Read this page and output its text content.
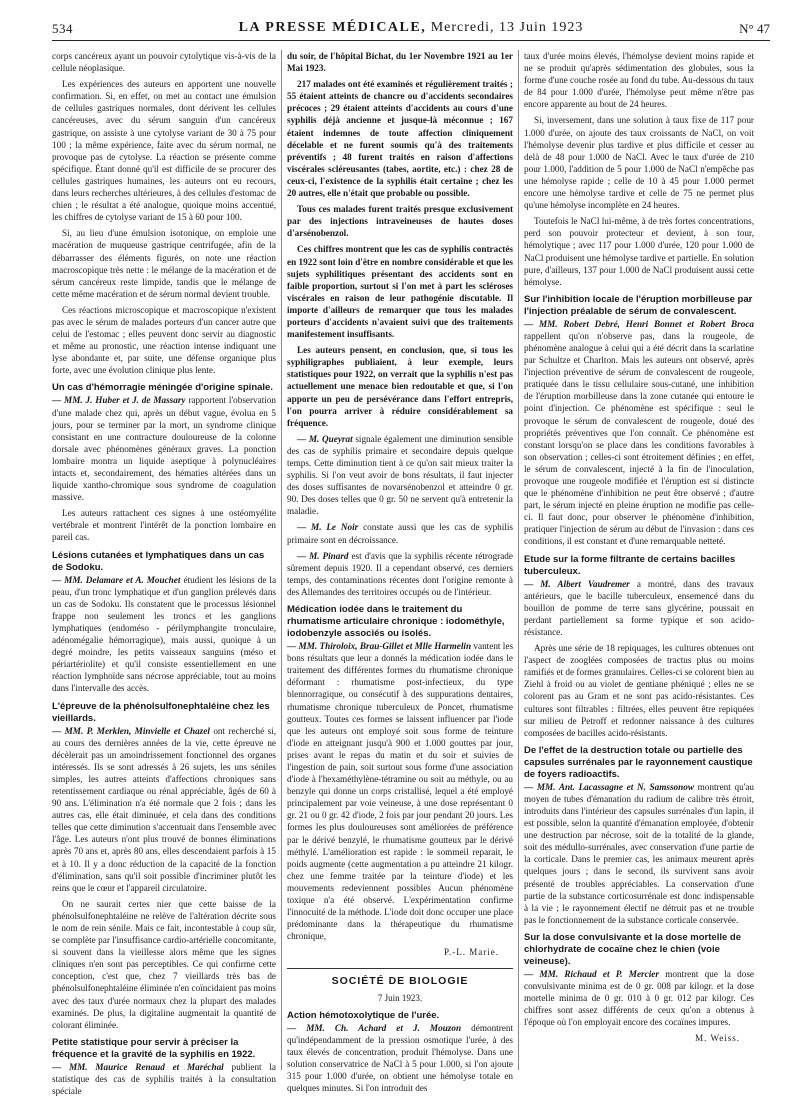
534	LA PRESSE MÉDICALE, Mercredi, 13 Juin 1923	N° 47

corps cancéreux ayant un pouvoir cytolytique vis-à-vis de la cellule néoplasique.

Les expériences des auteurs en apportent une nouvelle confirmation. Si, en effet, on met au contact une émulsion de cellules gastriques normales, dont dérivent les cellules cancéreuses, avec du sérum sanguin d'un cancéreux gastrique, on assiste à une cytolyse variant de 30 à 75 pour 100 ; la même expérience, faite avec du sérum normal, ne provoque pas de cytolyse. La réaction se présente comme spécifique. Étant donné qu'il est difficile de se procurer des cellules gastriques humaines, les auteurs ont eu recours, dans leurs recherches ultérieures, à des cellules d'estomac de chien ; le résultat a été analogue, quoique moins accentué, les chiffres de cytolyse variant de 15 à 60 pour 100.

Si, au lieu d'une émulsion isotonique, on emploie une macération de muqueuse gastrique centrifugée, afin de la débarrasser des éléments figurés, on note une réaction macroscopique très nette : le mélange de la macération et de sérum cancéreux reste limpide, tandis que le mélange de cette même macération et de sérum normal devient trouble.

Ces réactions microscopique et macroscopique n'existent pas avec le sérum de malades porteurs d'un cancer autre que celui de l'estomac ; elles peuvent donc servir au diagnostic et même au pronostic, une réaction intense indiquant une lyse abondante et, par suite, une défense organique plus forte, avec une évolution clinique plus lente.

Un cas d'hémorragie méningée d'origine spinale.

— MM. J. Huber et J. de Massary rapportent l'observation d'une malade chez qui, après un début vague, évolua en 5 jours, pour se terminer par la mort, un syndrome clinique consistant en une contracture douloureuse de la colonne dorsale avec phénomènes généraux graves. La ponction lombaire montra un liquide aseptique à polynucléaires intacts et, secondairement, des hématies altérées dans un liquide xantho-chromique sous syndrome de coagulation massive.

Les auteurs rattachent ces signes à une ostéomyélite vertébrale et montrent l'intérêt de la ponction lombaire en pareil cas.

Lésions cutanées et lymphatiques dans un cas de Sodoku.

— MM. Delamare et A. Mouchet étudient les lésions de la peau, d'un tronc lymphatique et d'un ganglion prélevés dans un cas de Sodoku. Ils constatent que le processus lésionnel frappe non seulement les troncs et les ganglions lymphatiques (endoméso - périlymphangite tronculaire, adénomégalie hémorragique), mais aussi, quoique à un degré moindre, les petits vaisseaux sanguins (méso et périartériolite) et qu'il consiste essentiellement en une réaction lymphoïde sans nécrose appréciable, tout au moins dans l'intervalle des accès.

L'épreuve de la phénolsulfonephtaléine chez les vieillards.

— MM. P. Merklen, Minvielle et Chazel ont recherché si, au cours des dernières années de la vie, cette épreuve ne décèlerait pas un amoindrissement fonctionnel des organes intéressés. Ils se sont adressés à 26 sujets, les uns séniles simples, les autres atteints d'affections chroniques sans retentissement cardiaque ou rénal appréciable, âgés de 60 à 90 ans. L'élimination n'a été normale que 2 fois ; dans les autres cas, elle était diminuée, et cela dans des conditions telles que cette diminution s'accentuait dans l'ensemble avec l'âge. Les auteurs n'ont plus trouvé de bonnes éliminations après 70 ans et, après 80 ans, elles descendaient parfois à 15 et à 10. Il y a donc réduction de la capacité de la fonction d'élimination, sans qu'il soit possible d'incriminer plutôt les reins que le cœur et l'appareil circulatoire.

On ne saurait certes nier que cette baisse de la phénolsulfonephtaléine ne relève de l'altération décrite sous le nom de rein sénile. Mais ce fait, incontestable à coup sûr, se complète par l'insuffisance cardio-artérielle concomitante, si souvent dans la vieillesse alors même que les signes cliniques n'en sont pas perceptibles. Ce qui confirme cette conception, c'est que, chez 7 vieillards très bas de phénolsulfonephtaléine éliminée n'en coïncidaient pas moins avec des taux d'urée normaux chez la plupart des malades examinés. De plus, la digitaline augmentait la quantité de colorant éliminée.

Petite statistique pour servir à préciser la fréquence et la gravité de la syphilis en 1922.

— MM. Maurice Renaud et Maréchal publient la statistique des cas de syphilis traités à la consultation spéciale

du soir, de l'hôpital Bichat, du 1er Novembre 1921 au 1er Mai 1923.

217 malades ont été examinés et régulièrement traités ; 55 étaient atteints de chancre ou d'accidents secondaires précoces ; 29 étaient atteints d'accidents au cours d'une syphilis déjà ancienne et jusque-là méconnue ; 167 étaient indemnes de toute affection cliniquement décelable et ne furent soumis qu'à des traitements préventifs ; 48 furent traités en raison d'affections viscérales scléreusantes (tabes, aortite, etc.) : chez 28 de ceux-ci, l'existence de la syphilis était certaine ; chez les 20 autres, elle n'était que probable ou possible.

Tous ces malades furent traités presque exclusivement par des injections intraveineuses de hautes doses d'arsénobenzol.

Ces chiffres montrent que les cas de syphilis contractés en 1922 sont loin d'être en nombre considérable et que les sujets syphilitiques présentant des accidents sont en faible proportion, surtout si l'on met à part les scléroses viscérales en raison de leur pathogénie discutable. Il importe d'ailleurs de remarquer que tous les malades porteurs d'accidents n'avaient suivi que des traitements manifestement insuffisants.

Les auteurs pensent, en conclusion, que, si tous les syphiligraphes publiaient, à leur exemple, leurs statistiques pour 1922, on verrait que la syphilis n'est pas actuellement une menace bien redoutable et que, si l'on apporte un peu de persévérance dans l'effort entrepris, l'on pourra arriver à réduire considérablement sa fréquence.

— M. Queyrat signale également une diminution sensible des cas de syphilis primaire et secondaire depuis quelque temps. Cette diminution tient à ce qu'on sait mieux traiter la syphilis. Si l'on veut avoir de bons résultats, il faut injecter des doses suffisantes de novarsénobenzol et atteindre 0 gr. 90. Des doses telles que 0 gr. 50 ne servent qu'à entretenir la maladie.

— M. Le Noir constate aussi que les cas de syphilis primaire sont en décroissance.

— M. Pinard est d'avis que la syphilis récente rétrograde sûrement depuis 1920. Il a cependant observé, ces derniers temps, des contaminations récentes dont l'origine remonte à des Allemandes des territoires occupés ou de l'intérieur.

Médication iodée dans le traitement du rhumatisme articulaire chronique : iodométhyle, iodobenzyle associés ou isolés.

— MM. Thiroloix, Brau-Gillet et Mlle Harmelin vantent les bons résultats que leur a donnés la médication iodée dans le traitement des différentes formes du rhumatisme chronique déformant : rhumatisme post-infectieux, du type blennorragique, ou consécutif à des suppurations dentaires, rhumatisme chronique tuberculeux de Poncet, rhumatisme goutteux. Toutes ces formes se laissent influencer par l'iode que les auteurs ont employé soit sous forme de teinture d'iode en atteignant jusqu'à 900 et 1.000 gouttes par jour, prises avant le repas du matin et du soir et suivies de l'ingestion de pain, soit surtout sous forme d'une association d'iode à l'hexaméthylène-tétramine ou soit au méthyle, ou au benzyle qui donne un corps cristallisé, lequel a été employé principalement par voie veineuse, à une dose représentant 0 gr. 21 ou 0 gr. 42 d'iode, 2 fois par jour pendant 20 jours. Les formes les plus douloureuses sont améliorées de préférence par le dérivé benzylé, le rhumatisme goutteux par le dérivé méthylé. L'amélioration est rapide : le sommeil reparait, le poids augmente (cette augmentation a pu atteindre 21 kilogr. chez une femme traitée par la teinture d'iode) et les mouvements redeviennent possibles Aucun phénomène toxique n'a été observé. L'expérimentation confirme l'innocuité de la méthode. L'iode doit donc occuper une place prédominante dans la thérapeutique du rhumatisme chronique,

P.-L. Marie.
SOCIÉTÉ DE BIOLOGIE
7 Juin 1923.
Action hémotoxolytique de l'urée.

— MM. Ch. Achard et J. Mouzon démontrent qu'indépendamment de la pression osmotique l'urée, à des taux élevés de concentration, produit l'hémolyse. Dans une solution conservatrice de NaCl à 5 pour 1.000, si l'on ajoute 315 pour 1.000 d'urée, on obtient une hémolyse totale en quelques minutes. Si l'on introduit des

taux d'urée moins élevés, l'hémolyse devient moins rapide et ne se produit qu'après sédimentation des globules, sous la forme d'une couche rosée au fond du tube. Au-dessous du taux de 84 pour 1.000 d'urée, l'hémolyse peut même n'être pas encore apparente au bout de 24 heures.

Si, inversement, dans une solution à taux fixe de 117 pour 1.000 d'urée, on ajoute des taux croissants de NaCl, on voit l'hémolyse devenir plus tardive et plus difficile et cesser au delà de 48 pour 1.000 de NaCl. Avec le taux d'urée de 210 pour 1.000, l'addition de 5 pour 1.000 de NaCl n'empêche pas une hémolyse rapide ; celle de 10 à 45 pour 1.000 permet encore une hémolyse tardive et celle de 75 ne permet plus qu'une hémolyse incomplète en 24 heures.

Toutefois le NaCl lui-même, à de très fortes concentrations, perd son pouvoir protecteur et devient, à son tour, hémolytique ; avec 117 pour 1.000 d'urée, 120 pour 1.000 de NaCl produisent une hémolyse tardive et partielle. En solution pure, d'ailleurs, 137 pour 1.000 de NaCl produisent aussi cette hémolyse.

Sur l'inhibition locale de l'éruption morbilleuse par l'injection préalable de sérum de convalescent.

— MM. Robert Debré, Henri Bonnet et Robert Broca rappellent qu'on n'observe pas, dans la rougeole, de phénomène analogue à celui qui a été décrit dans la scarlatine par Schultze et Charlton. Mais les auteurs ont observé, après l'injection préventive de sérum de convalescent de rougeole, pratiquée dans le tissu cellulaire sous-cutané, une inhibition de l'éruption morbilleuse dans la zone cutanée qui entoure le point d'injection. Ce phénomène est spécifique : seul le provoque le sérum de convalescent de rougeole, doué des propriétés préventives que l'on connaît. Ce phénomène est constant lorsqu'on se place dans les conditions favorables à son observation ; celles-ci sont étroitement définies ; en effet, le sérum de convalescent, injecté à la fin de l'inoculation, provoque une rougeole modifiée et l'éruption est si distincte que le phénomène d'inhibition ne peut être observé ; d'autre part, le sérum injecté en pleine éruption ne modifie pas celle-ci. Il faut donc, pour observer le phénomène d'inhibition, pratiquer l'injection de sérum au début de l'invasion : dans ces conditions, il est constant et d'une remarquable netteté.

Etude sur la forme filtrante de certains bacilles tuberculeux.

— M. Albert Vaudremer a montré, dans des travaux antérieurs, que le bacille tuberculeux, ensemencé dans du bouillon de pomme de terre sans glycérine, poussait en perdant partiellement sa forme typique et son acido-résistance.

Après une série de 18 repiquages, les cultures obtenues ont l'aspect de zooglées composées de tractus plus ou moins ramifiés et de formes granulaires. Celles-ci se colorent bien au Ziehl à froid ou au violet de gentiane phéniqué ; elles ne se colorent pas au Gram et ne sont pas acido-résistantes. Ces cultures sont filtrables : filtrées, elles peuvent être repiquées sur milieu de Petroff et redonner naissance à des cultures composées de bacilles acido-résistants.

De l'effet de la destruction totale ou partielle des capsules surrénales par le rayonnement caustique de foyers radioactifs.

— MM. Ant. Lacassagne et N. Samssonow montrent qu'au moyen de tubes d'émanation du radium de calibre très étroit, introduits dans l'intérieur des capsules surrénales d'un lapin, il est possible, selon la quantité d'émanation employée, d'obtenir une destruction par nécrose, soit de la totalité de la glande, soit des médullo-surrénales, avec conservation d'une partie de la corticale. Dans le premier cas, les animaux meurent après quelques jours ; dans le second, ils survivent sans avoir présenté de troubles appréciables. La conservation d'une partie de la substance corticosurrénale est donc indispensable à la vie ; le rayonnement électif ne détruit pas et ne trouble pas le fonctionnement de la substance corticale conservée.

Sur la dose convulsivante et la dose mortelle de chlorhydrate de cocaïne chez le chien (voie veineuse).

— MM. Richaud et P. Mercier montrent que la dose convulsivante minima est de 0 gr. 008 par kilogr. et la dose mortelle minima de 0 gr. 010 à 0 gr. 012 par kilogr. Ces chiffres sont assez différents de ceux qu'on a obtenus à l'époque où l'on employait encore des cocaïnes impures.

M. Weiss.
